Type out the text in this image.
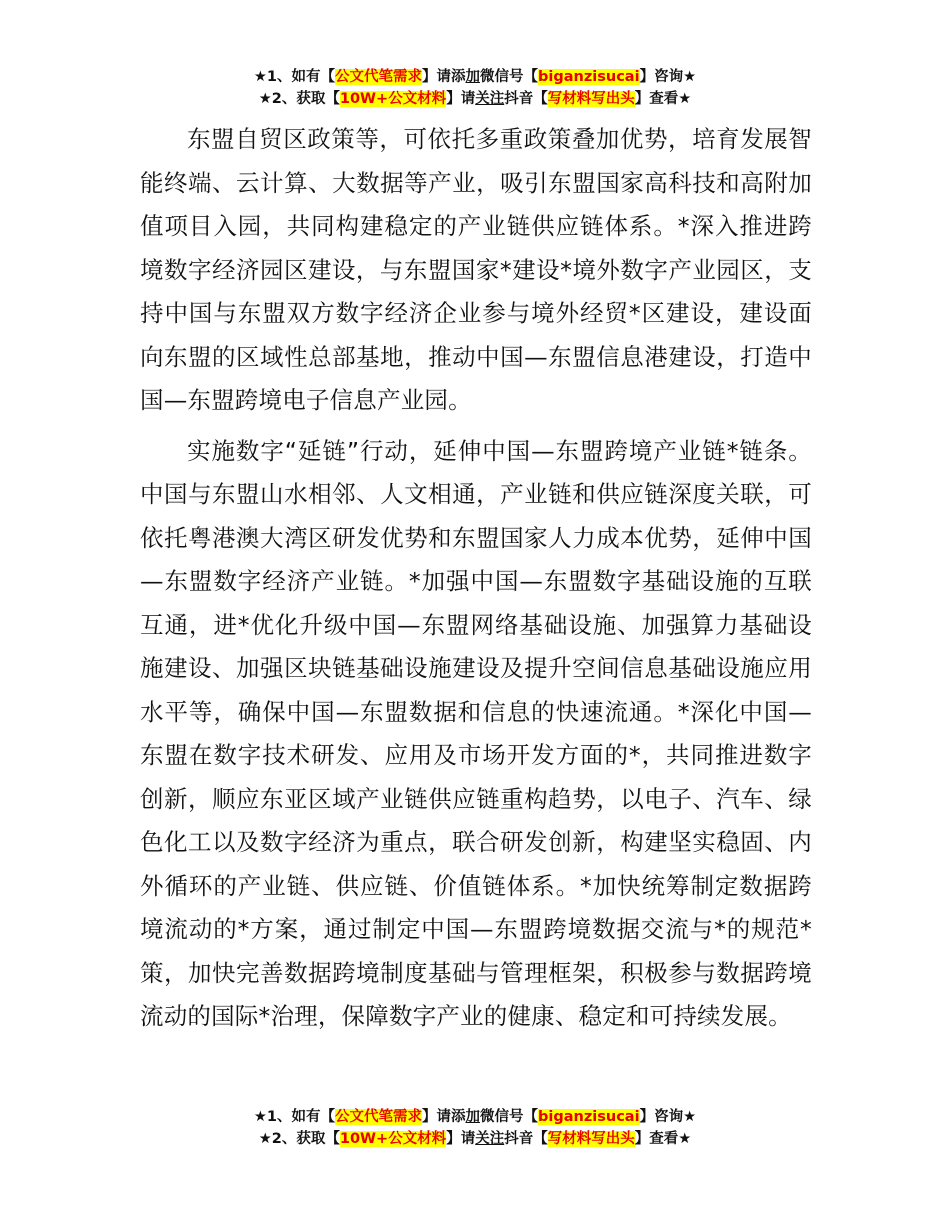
★1、如有【公文代笔需求】请添加微信号【biganzisucai】咨询★
★2、获取【10W+公文材料】请关注抖音【写材料写出头】查看★

东盟自贸区政策等，可依托多重政策叠加优势，培育发展智能终端、云计算、大数据等产业，吸引东盟国家高科技和高附加值项目入园，共同构建稳定的产业链供应链体系。*深入推进跨境数字经济园区建设，与东盟国家*建设*境外数字产业园区，支持中国与东盟双方数字经济企业参与境外经贸*区建设，建设面向东盟的区域性总部基地，推动中国—东盟信息港建设，打造中国—东盟跨境电子信息产业园。

实施数字“延链”行动，延伸中国—东盟跨境产业链*链条。中国与东盟山水相邻、人文相通，产业链和供应链深度关联，可依托粤港澳大湾区研发优势和东盟国家人力成本优势，延伸中国—东盟数字经济产业链。*加强中国—东盟数字基础设施的互联互通，进*优化升级中国—东盟网络基础设施、加强算力基础设施建设、加强区块链基础设施建设及提升空间信息基础设施应用水平等，确保中国—东盟数据和信息的快速流通。*深化中国—东盟在数字技术研发、应用及市场开发方面的*，共同推进数字创新，顺应东亚区域产业链供应链重构趋势，以电子、汽车、绿色化工以及数字经济为重点，联合研发创新，构建坚实稳固、内外循环的产业链、供应链、价值链体系。*加快统筹制定数据跨境流动的*方案，通过制定中国—东盟跨境数据交流与*的规范*策，加快完善数据跨境制度基础与管理框架，积极参与数据跨境流动的国际*治理，保障数字产业的健康、稳定和可持续发展。

★1、如有【公文代笔需求】请添加微信号【biganzisucai】咨询★
★2、获取【10W+公文材料】请关注抖音【写材料写出头】查看★
